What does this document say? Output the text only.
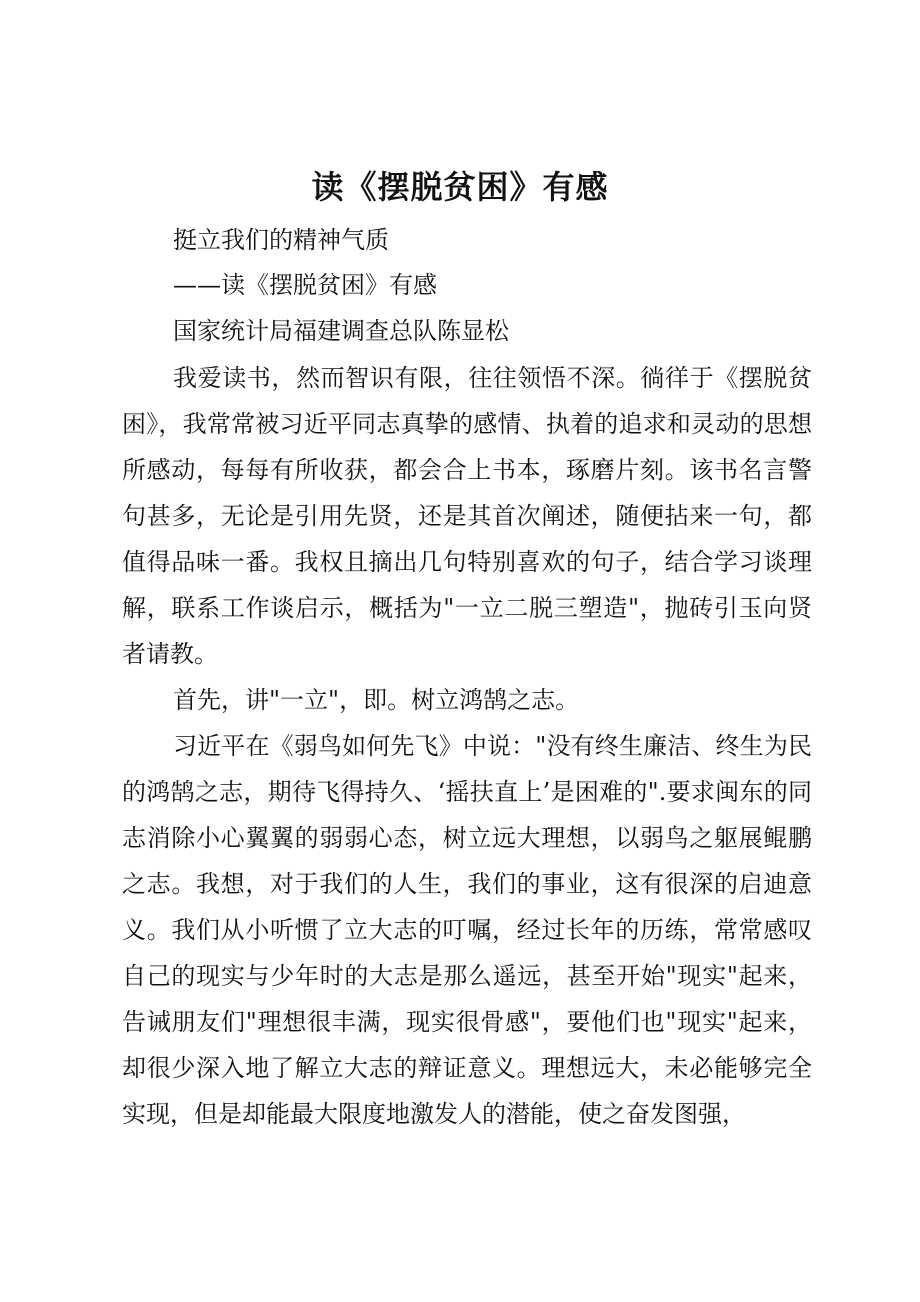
读《摆脱贫困》有感

挺立我们的精神气质

——读《摆脱贫困》有感

国家统计局福建调查总队陈显松

我爱读书，然而智识有限，往往领悟不深。徜徉于《摆脱贫困》，我常常被习近平同志真挚的感情、执着的追求和灵动的思想所感动，每每有所收获，都会合上书本，琢磨片刻。该书名言警句甚多，无论是引用先贤，还是其首次阐述，随便拈来一句，都值得品味一番。我权且摘出几句特别喜欢的句子，结合学习谈理解，联系工作谈启示，概括为"一立二脱三塑造"，抛砖引玉向贤者请教。

首先，讲"一立"，即。树立鸿鹄之志。

习近平在《弱鸟如何先飞》中说："没有终生廉洁、终生为民的鸿鹄之志，期待飞得持久、‘摇扶直上’是困难的".要求闽东的同志消除小心翼翼的弱弱心态，树立远大理想，以弱鸟之躯展鲲鹏之志。我想，对于我们的人生，我们的事业，这有很深的启迪意义。我们从小听惯了立大志的叮嘱，经过长年的历练，常常感叹自己的现实与少年时的大志是那么遥远，甚至开始"现实"起来，告诫朋友们"理想很丰满，现实很骨感"，要他们也"现实"起来，却很少深入地了解立大志的辩证意义。理想远大，未必能够完全实现，但是却能最大限度地激发人的潜能，使之奋发图强，
